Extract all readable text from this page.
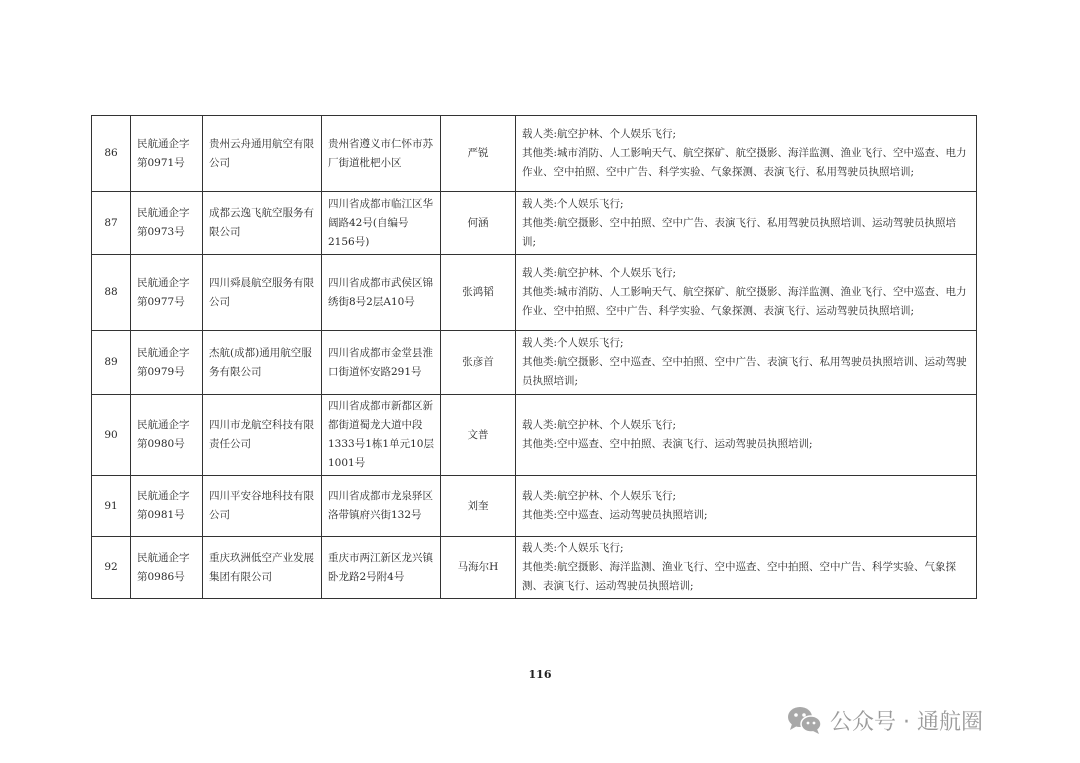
86	民航通企字第0971号	贵州云舟通用航空有限公司	贵州省遵义市仁怀市苏厂街道枇杷小区	严锐	载人类:航空护林、个人娱乐飞行;
其他类:城市消防、人工影响天气、航空探矿、航空摄影、海洋监测、渔业飞行、空中巡查、电力作业、空中拍照、空中广告、科学实验、气象探测、表演飞行、私用驾驶员执照培训;

87	民航通企字第0973号	成都云逸飞航空服务有限公司	四川省成都市临江区华阔路42号(自编号2156号)	何涵	载人类:个人娱乐飞行;
其他类:航空摄影、空中拍照、空中广告、表演飞行、私用驾驶员执照培训、运动驾驶员执照培训;

88	民航通企字第0977号	四川舜晨航空服务有限公司	四川省成都市武侯区锦绣街8号2层A10号	张鸿韬	载人类:航空护林、个人娱乐飞行;
其他类:城市消防、人工影响天气、航空探矿、航空摄影、海洋监测、渔业飞行、空中巡查、电力作业、空中拍照、空中广告、科学实验、气象探测、表演飞行、运动驾驶员执照培训;

89	民航通企字第0979号	杰航(成都)通用航空服务有限公司	四川省成都市金堂县淮口街道怀安路291号	张彦首	载人类:个人娱乐飞行;
其他类:航空摄影、空中巡查、空中拍照、空中广告、表演飞行、私用驾驶员执照培训、运动驾驶员执照培训;

90	民航通企字第0980号	四川市龙航空科技有限责任公司	四川省成都市新都区新都街道蜀龙大道中段1333号1栋1单元10层1001号	文普	载人类:航空护林、个人娱乐飞行;
其他类:空中巡查、空中拍照、表演飞行、运动驾驶员执照培训;

91	民航通企字第0981号	四川平安谷地科技有限公司	四川省成都市龙泉驿区洛带镇府兴街132号	刘奎	载人类:航空护林、个人娱乐飞行;
其他类:空中巡查、运动驾驶员执照培训;

92	民航通企字第0986号	重庆玖洲低空产业发展集团有限公司	重庆市两江新区龙兴镇卧龙路2号附4号	马海尔H	载人类:个人娱乐飞行;
其他类:航空摄影、海洋监测、渔业飞行、空中巡查、空中拍照、空中广告、科学实验、气象探测、表演飞行、运动驾驶员执照培训;
116
公众号 · 通航圈
